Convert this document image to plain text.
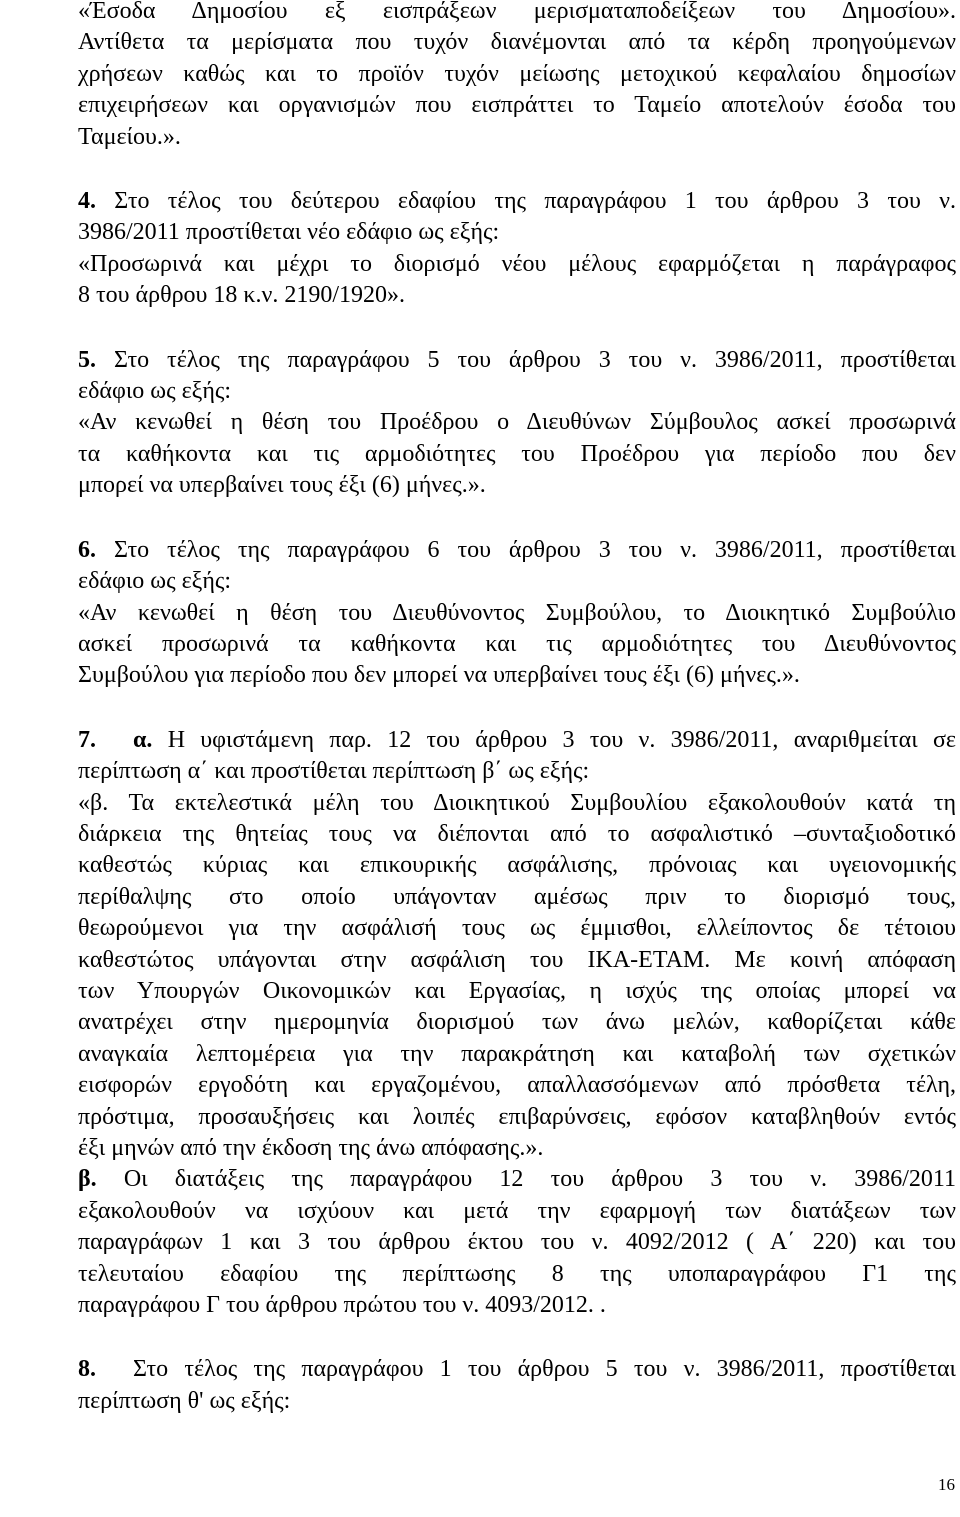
«Έσοδα Δημοσίου εξ εισπράξεων μερισματαποδείξεων του Δημοσίου».
Αντίθετα τα μερίσματα που τυχόν διανέμονται από τα κέρδη προηγούμενων
χρήσεων καθώς και το προϊόν τυχόν μείωσης μετοχικού κεφαλαίου δημοσίων
επιχειρήσεων και οργανισμών που εισπράττει το Ταμείο αποτελούν έσοδα του
Ταμείου.».
4. Στο τέλος του δεύτερου εδαφίου της παραγράφου 1 του άρθρου 3 του ν.
3986/2011 προστίθεται νέο εδάφιο ως εξής:
«Προσωρινά και μέχρι το διορισμό νέου μέλους εφαρμόζεται η παράγραφος
8 του άρθρου 18 κ.ν. 2190/1920».
5. Στο τέλος της παραγράφου 5 του άρθρου 3 του ν. 3986/2011, προστίθεται
εδάφιο ως εξής:
«Αν κενωθεί η θέση του Προέδρου ο Διευθύνων Σύμβουλος ασκεί προσωρινά
τα καθήκοντα και τις αρμοδιότητες του Προέδρου για περίοδο που δεν
μπορεί να υπερβαίνει τους έξι (6) μήνες.».
6. Στο τέλος της παραγράφου 6 του άρθρου 3 του ν. 3986/2011, προστίθεται
εδάφιο ως εξής:
«Αν κενωθεί η θέση του Διευθύνοντος Συμβούλου, το Διοικητικό Συμβούλιο
ασκεί προσωρινά τα καθήκοντα και τις αρμοδιότητες του Διευθύνοντος
Συμβούλου για περίοδο που δεν μπορεί να υπερβαίνει τους έξι (6) μήνες.».
7. α. Η υφιστάμενη παρ. 12 του άρθρου 3 του ν. 3986/2011, αναριθμείται σε
περίπτωση α΄ και προστίθεται περίπτωση β΄ ως εξής:
«β. Τα εκτελεστικά μέλη του Διοικητικού Συμβουλίου εξακολουθούν κατά τη
διάρκεια της θητείας τους να διέπονται από το ασφαλιστικό –συνταξιοδοτικό
καθεστώς κύριας και επικουρικής ασφάλισης, πρόνοιας και υγειονομικής
περίθαλψης στο οποίο υπάγονταν αμέσως πριν το διορισμό τους,
θεωρούμενοι για την ασφάλισή τους ως έμμισθοι, ελλείποντος δε τέτοιου
καθεστώτος υπάγονται στην ασφάλιση του ΙΚΑ-ΕΤΑΜ. Με κοινή απόφαση
των Υπουργών Οικονομικών και Εργασίας, η ισχύς της οποίας μπορεί να
ανατρέχει στην ημερομηνία διορισμού των άνω μελών, καθορίζεται κάθε
αναγκαία λεπτομέρεια για την παρακράτηση και καταβολή των σχετικών
εισφορών εργοδότη και εργαζομένου, απαλλασσόμενων από πρόσθετα τέλη,
πρόστιμα, προσαυξήσεις και λοιπές επιβαρύνσεις, εφόσον καταβληθούν εντός
έξι μηνών από την έκδοση της άνω απόφασης.».
β. Οι διατάξεις της παραγράφου 12 του άρθρου 3 του ν. 3986/2011
εξακολουθούν να ισχύουν και μετά την εφαρμογή των διατάξεων των
παραγράφων 1 και 3 του άρθρου έκτου του ν. 4092/2012 ( Α΄ 220) και του
τελευταίου εδαφίου της περίπτωσης 8 της υποπαραγράφου Γ1 της
παραγράφου Γ του άρθρου πρώτου του ν. 4093/2012. .
8. Στο τέλος της παραγράφου 1 του άρθρου 5 του ν. 3986/2011, προστίθεται
περίπτωση θ' ως εξής:
16
